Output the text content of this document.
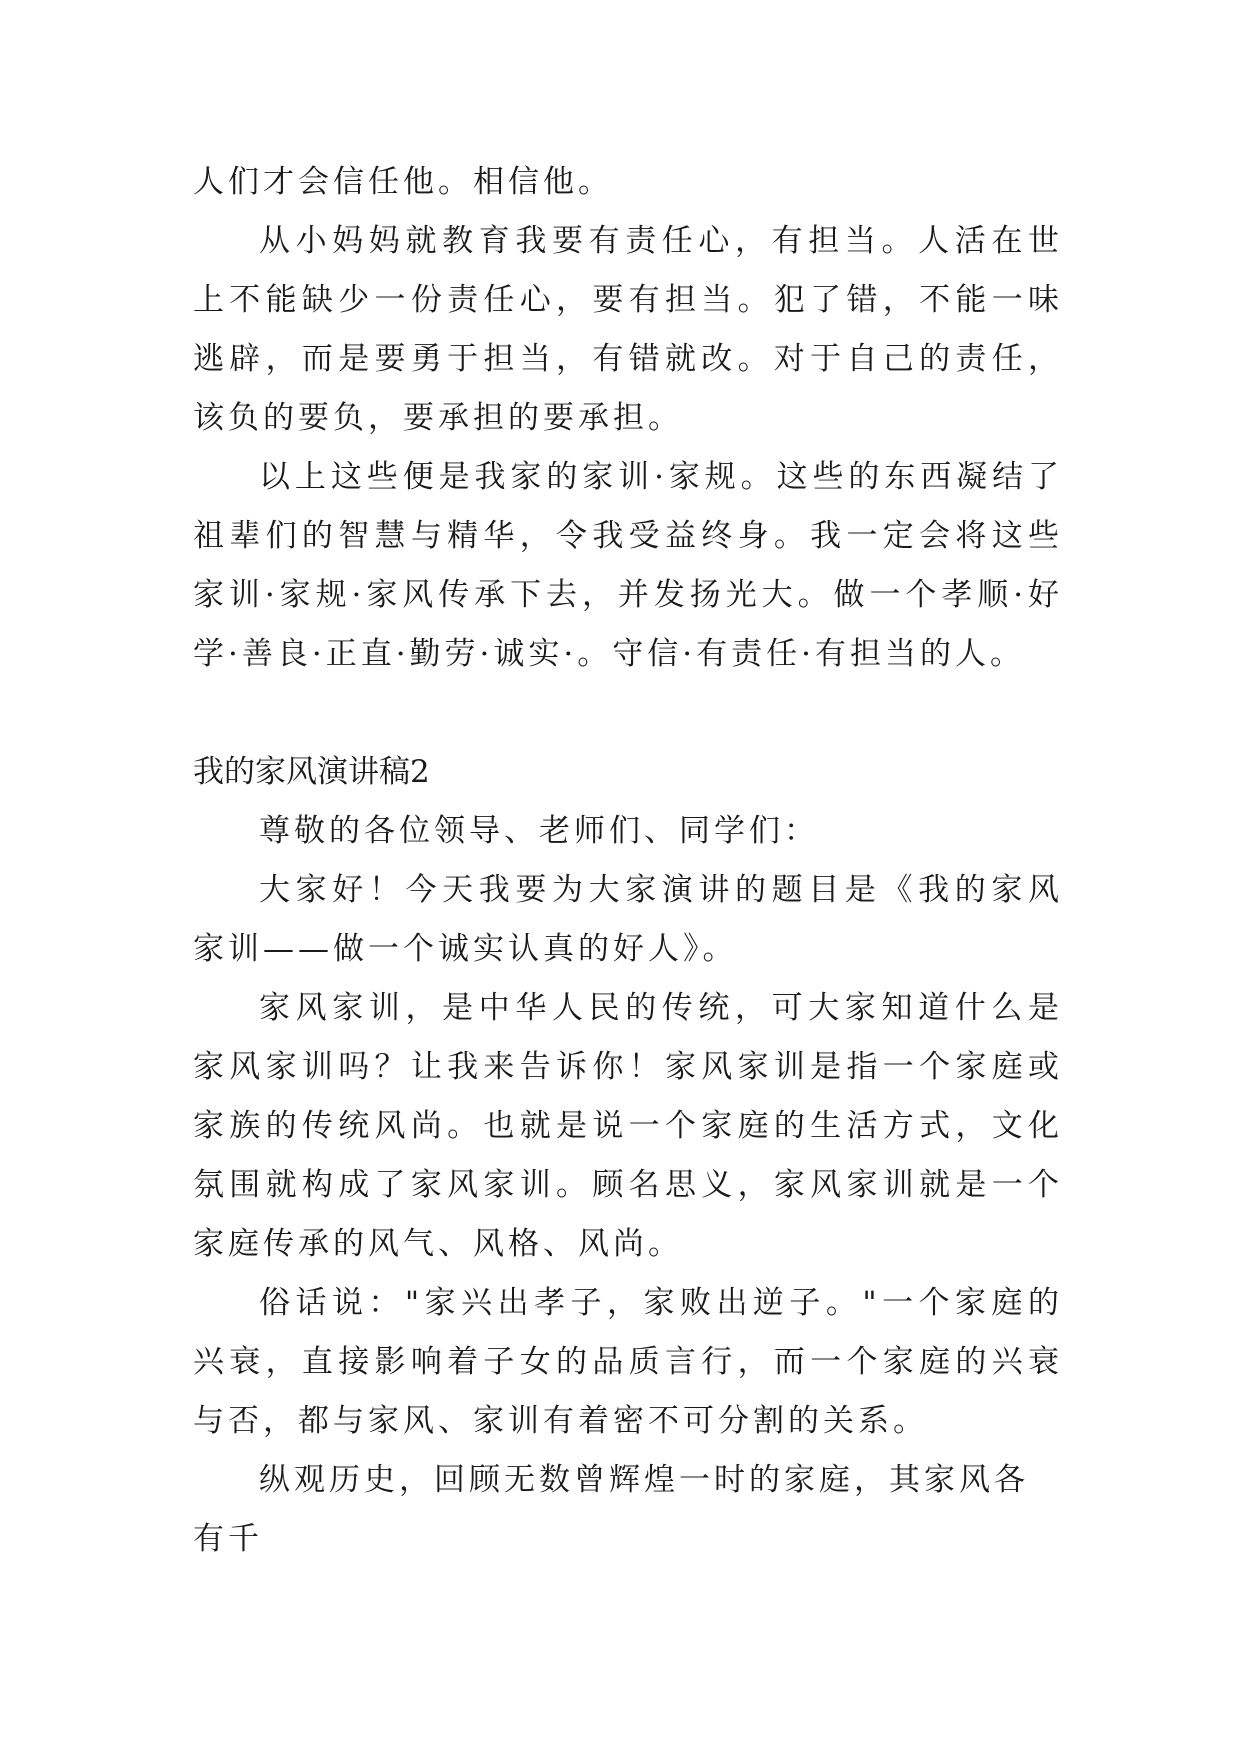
人们才会信任他。相信他。

从小妈妈就教育我要有责任心，有担当。人活在世上不能缺少一份责任心，要有担当。犯了错，不能一味逃辟，而是要勇于担当，有错就改。对于自己的责任，该负的要负，要承担的要承担。

以上这些便是我家的家训·家规。这些的东西凝结了祖辈们的智慧与精华，令我受益终身。我一定会将这些家训·家规·家风传承下去，并发扬光大。做一个孝顺·好学·善良·正直·勤劳·诚实·。守信·有责任·有担当的人。

我的家风演讲稿2

尊敬的各位领导、老师们、同学们：

大家好！今天我要为大家演讲的题目是《我的家风家训——做一个诚实认真的好人》。

家风家训，是中华人民的传统，可大家知道什么是家风家训吗？让我来告诉你！家风家训是指一个家庭或家族的传统风尚。也就是说一个家庭的生活方式，文化氛围就构成了家风家训。顾名思义，家风家训就是一个家庭传承的风气、风格、风尚。

俗话说："家兴出孝子，家败出逆子。"一个家庭的兴衰，直接影响着子女的品质言行，而一个家庭的兴衰与否，都与家风、家训有着密不可分割的关系。

纵观历史，回顾无数曾辉煌一时的家庭，其家风各有千
